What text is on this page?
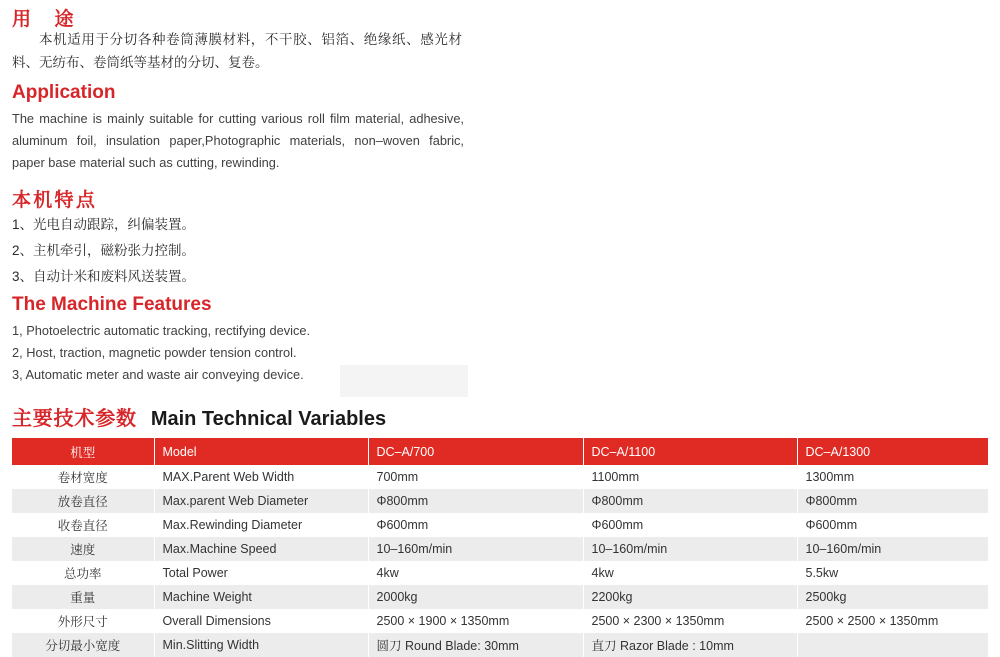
用　途
本机适用于分切各种卷筒薄膜材料，不干胶、铝箔、绝缘纸、感光材料、无纺布、卷筒纸等基材的分切、复卷。
Application
The machine is mainly suitable for cutting various roll film material, adhesive, aluminum foil, insulation paper,Photographic materials, non–woven fabric, paper base material such as cutting, rewinding.
本机特点
1、光电自动跟踪，纠偏装置。
2、主机牵引，磁粉张力控制。
3、自动计米和废料风送装置。
The Machine Features
1, Photoelectric automatic tracking, rectifying device.
2, Host, traction, magnetic powder tension control.
3, Automatic meter and waste air conveying device.
主要技术参数 Main Technical Variables
机型	Model	DC–A/700	DC–A/1100	DC–A/1300
卷材宽度	MAX.Parent Web Width	700mm	1100mm	1300mm
放卷直径	Max.parent Web Diameter	Φ800mm	Φ800mm	Φ800mm
收卷直径	Max.Rewinding Diameter	Φ600mm	Φ600mm	Φ600mm
速度	Max.Machine Speed	10–160m/min	10–160m/min	10–160m/min
总功率	Total Power	4kw	4kw	5.5kw
重量	Machine Weight	2000kg	2200kg	2500kg
外形尺寸	Overall Dimensions	2500 × 1900 × 1350mm	2500 × 2300 × 1350mm	2500 × 2500 × 1350mm
分切最小宽度	Min.Slitting Width	圆刀 Round Blade: 30mm	直刀 Razor Blade : 10mm	
